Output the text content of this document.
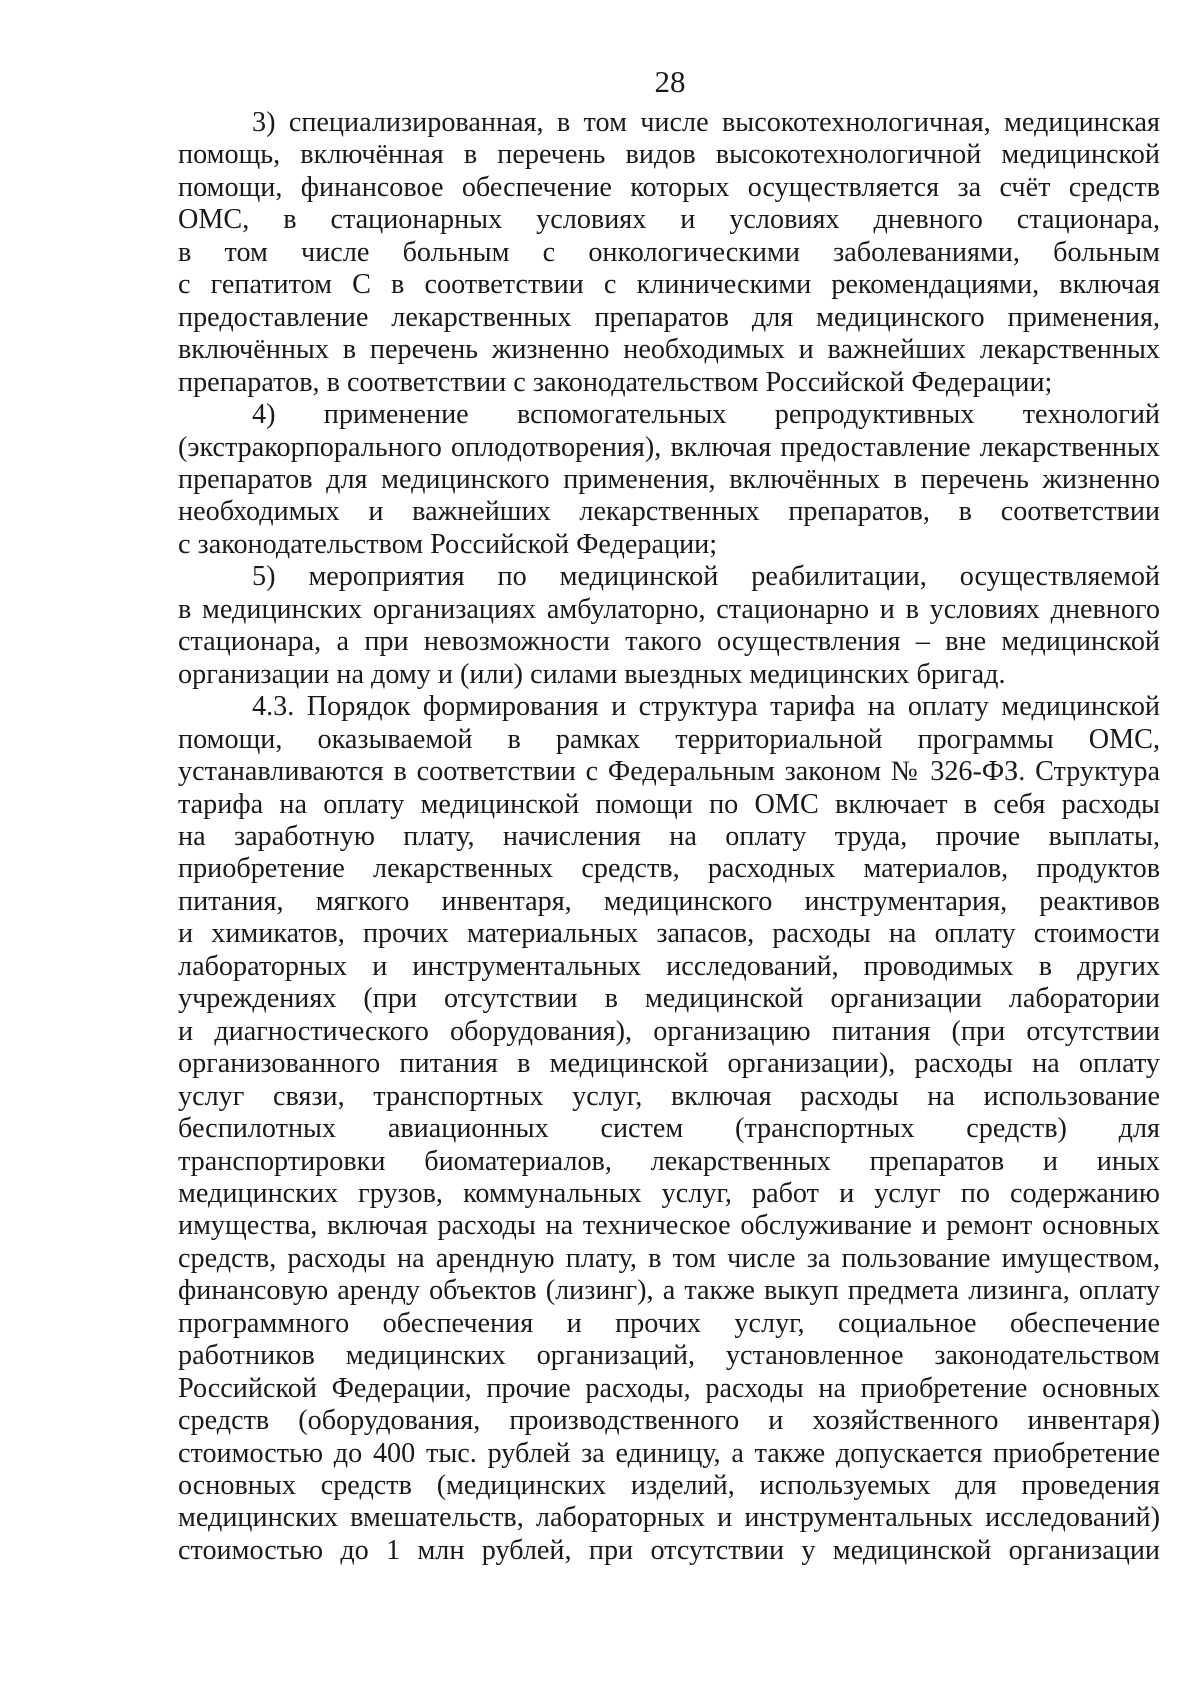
28
3) специализированная, в том числе высокотехнологичная, медицинская
помощь, включённая в перечень видов высокотехнологичной медицинской
помощи, финансовое обеспечение которых осуществляется за счёт средств
ОМС, в стационарных условиях и условиях дневного стационара,
в том числе больным с онкологическими заболеваниями, больным
с гепатитом С в соответствии с клиническими рекомендациями, включая
предоставление лекарственных препаратов для медицинского применения,
включённых в перечень жизненно необходимых и важнейших лекарственных
препаратов, в соответствии с законодательством Российской Федерации;
4) применение вспомогательных репродуктивных технологий
(экстракорпорального оплодотворения), включая предоставление лекарственных
препаратов для медицинского применения, включённых в перечень жизненно
необходимых и важнейших лекарственных препаратов, в соответствии
с законодательством Российской Федерации;
5) мероприятия по медицинской реабилитации, осуществляемой
в медицинских организациях амбулаторно, стационарно и в условиях дневного
стационара, а при невозможности такого осуществления – вне медицинской
организации на дому и (или) силами выездных медицинских бригад.
4.3. Порядок формирования и структура тарифа на оплату медицинской
помощи, оказываемой в рамках территориальной программы ОМС,
устанавливаются в соответствии с Федеральным законом № 326-ФЗ. Структура
тарифа на оплату медицинской помощи по ОМС включает в себя расходы
на заработную плату, начисления на оплату труда, прочие выплаты,
приобретение лекарственных средств, расходных материалов, продуктов
питания, мягкого инвентаря, медицинского инструментария, реактивов
и химикатов, прочих материальных запасов, расходы на оплату стоимости
лабораторных и инструментальных исследований, проводимых в других
учреждениях (при отсутствии в медицинской организации лаборатории
и диагностического оборудования), организацию питания (при отсутствии
организованного питания в медицинской организации), расходы на оплату
услуг связи, транспортных услуг, включая расходы на использование
беспилотных авиационных систем (транспортных средств) для
транспортировки биоматериалов, лекарственных препаратов и иных
медицинских грузов, коммунальных услуг, работ и услуг по содержанию
имущества, включая расходы на техническое обслуживание и ремонт основных
средств, расходы на арендную плату, в том числе за пользование имуществом,
финансовую аренду объектов (лизинг), а также выкуп предмета лизинга, оплату
программного обеспечения и прочих услуг, социальное обеспечение
работников медицинских организаций, установленное законодательством
Российской Федерации, прочие расходы, расходы на приобретение основных
средств (оборудования, производственного и хозяйственного инвентаря)
стоимостью до 400 тыс. рублей за единицу, а также допускается приобретение
основных средств (медицинских изделий, используемых для проведения
медицинских вмешательств, лабораторных и инструментальных исследований)
стоимостью до 1 млн рублей, при отсутствии у медицинской организации
